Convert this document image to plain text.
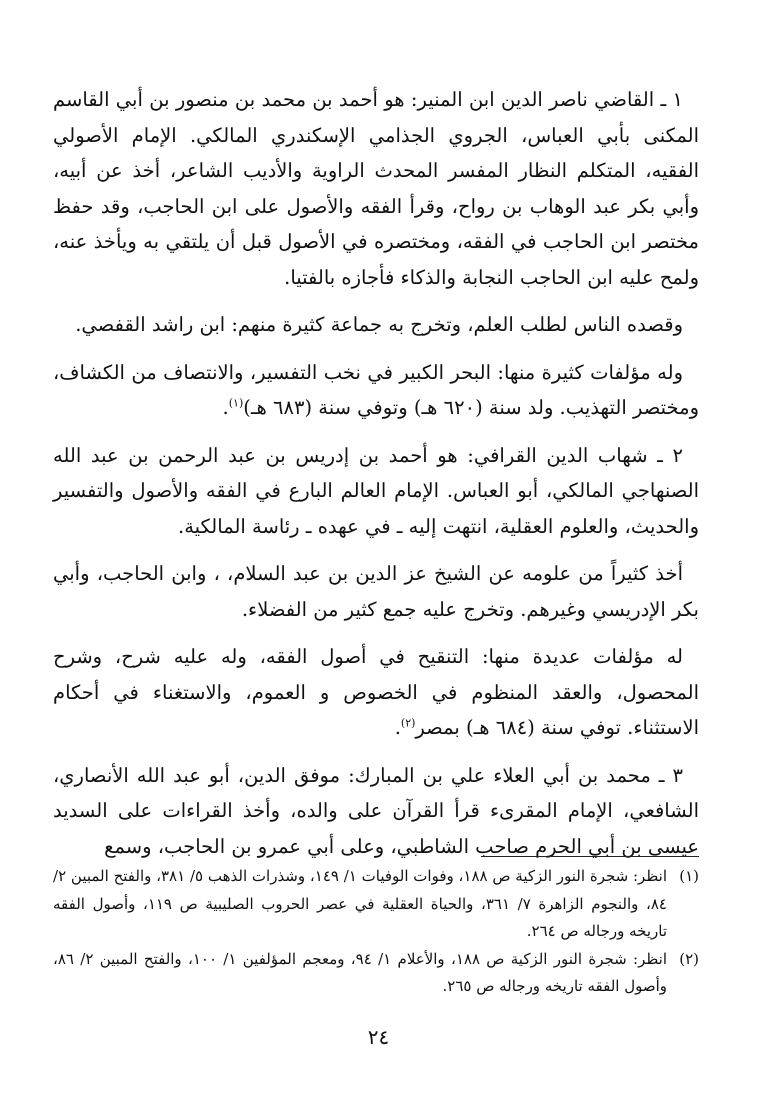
١ ـ القاضي ناصر الدين ابن المنير: هو أحمد بن محمد بن منصور بن أبي القاسم المكنى بأبي العباس، الجروي الجذامي الإسكندري المالكي. الإمام الأصولي الفقيه، المتكلم النظار المفسر المحدث الراوية والأديب الشاعر، أخذ عن أبيه، وأبي بكر عبد الوهاب بن رواح، وقرأ الفقه والأصول على ابن الحاجب، وقد حفظ مختصر ابن الحاجب في الفقه، ومختصره في الأصول قبل أن يلتقي به ويأخذ عنه، ولمح عليه ابن الحاجب النجابة والذكاء فأجازه بالفتيا.

وقصده الناس لطلب العلم، وتخرج به جماعة كثيرة منهم: ابن راشد القفصي.

وله مؤلفات كثيرة منها: البحر الكبير في نخب التفسير، والانتصاف من الكشاف، ومختصر التهذيب. ولد سنة (٦٢٠ هـ) وتوفي سنة (٦٨٣ هـ)$^{(١)}$.

٢ ـ شهاب الدين القرافي: هو أحمد بن إدريس بن عبد الرحمن بن عبد الله الصنهاجي المالكي، أبو العباس. الإمام العالم البارع في الفقه والأصول والتفسير والحديث، والعلوم العقلية، انتهت إليه ـ في عهده ـ رئاسة المالكية.

أخذ كثيراً من علومه عن الشيخ عز الدين بن عبد السلام، ، وابن الحاجب، وأبي بكر الإدريسي وغيرهم. وتخرج عليه جمع كثير من الفضلاء.

له مؤلفات عديدة منها: التنقيح في أصول الفقه، وله عليه شرح، وشرح المحصول، والعقد المنظوم في الخصوص و العموم، والاستغناء في أحكام الاستثناء. توفي سنة (٦٨٤ هـ) بمصر$^{(٢)}$.

٣ ـ محمد بن أبي العلاء علي بن المبارك: موفق الدين، أبو عبد الله الأنصاري، الشافعي، الإمام المقرىء قرأ القرآن على والده، وأخذ القراءات على السديد عيسى بن أبي الحرم صاحب الشاطبي، وعلى أبي عمرو بن الحاجب، وسمع

(١)
انظر: شجرة النور الزكية ص ١٨٨، وفوات الوفيات ١/ ١٤٩، وشذرات الذهب ٥/ ٣٨١، والفتح المبين ٢/ ٨٤، والنجوم الزاهرة ٧/ ٣٦١، والحياة العقلية في عصر الحروب الصليبية ص ١١٩، وأصول الفقه تاريخه ورجاله ص ٢٦٤.
(٢)
انظر: شجرة النور الزكية ص ١٨٨، والأعلام ١/ ٩٤، ومعجم المؤلفين ١/ ١٠٠، والفتح المبين ٢/ ٨٦، وأصول الفقه تاريخه ورجاله ص ٢٦٥.
٢٤
